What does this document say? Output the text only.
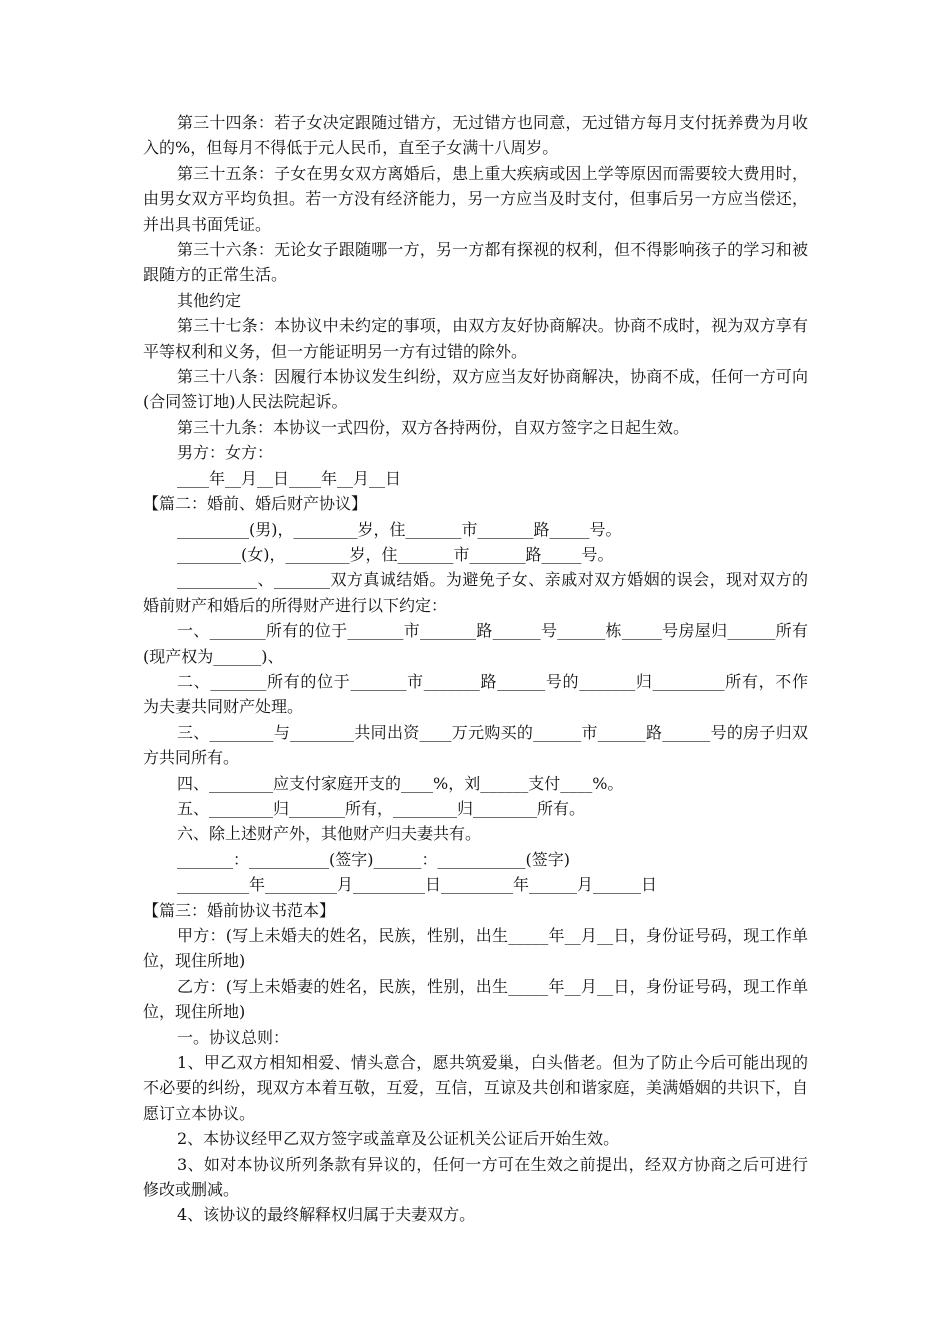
第三十四条：若子女决定跟随过错方，无过错方也同意，无过错方每月支付抚养费为月收入的%，但每月不得低于元人民币，直至子女满十八周岁。

第三十五条：子女在男女双方离婚后，患上重大疾病或因上学等原因而需要较大费用时，由男女双方平均负担。若一方没有经济能力，另一方应当及时支付，但事后另一方应当偿还，并出具书面凭证。

第三十六条：无论女子跟随哪一方，另一方都有探视的权利，但不得影响孩子的学习和被跟随方的正常生活。

其他约定

第三十七条：本协议中未约定的事项，由双方友好协商解决。协商不成时，视为双方享有平等权利和义务，但一方能证明另一方有过错的除外。

第三十八条：因履行本协议发生纠纷，双方应当友好协商解决，协商不成，任何一方可向(合同签订地)人民法院起诉。

第三十九条：本协议一式四份，双方各持两份，自双方签字之日起生效。

男方：女方：

____年__月__日____年__月__日

【篇二：婚前、婚后财产协议】

_________(男)，________岁，住_______市_______路_____号。

________(女)，________岁，住_______市_______路_____号。

__________、_______双方真诚结婚。为避免子女、亲戚对双方婚姻的误会，现对双方的婚前财产和婚后的所得财产进行以下约定：

一、_______所有的位于_______市_______路______号______栋_____号房屋归______所有(现产权为______)、

二、_______所有的位于_______市_______路______号的_______归_________所有，不作为夫妻共同财产处理。

三、________与________共同出资____万元购买的______市______路______号的房子归双方共同所有。

四、________应支付家庭开支的____%，刘______支付____%。

五、________归_______所有，________归________所有。

六、除上述财产外，其他财产归夫妻共有。

_______：__________(签字)______：___________(签字)

_________年_________月_________日_________年______月______日

【篇三：婚前协议书范本】

甲方：(写上未婚夫的姓名，民族，性别，出生_____年__月__日，身份证号码，现工作单位，现住所地)

乙方：(写上未婚妻的姓名，民族，性别，出生_____年__月__日，身份证号码，现工作单位，现住所地)

一。协议总则：

1、甲乙双方相知相爱、情头意合，愿共筑爱巢，白头偕老。但为了防止今后可能出现的不必要的纠纷，现双方本着互敬，互爱，互信，互谅及共创和谐家庭，美满婚姻的共识下，自愿订立本协议。

2、本协议经甲乙双方签字或盖章及公证机关公证后开始生效。

3、如对本协议所列条款有异议的，任何一方可在生效之前提出，经双方协商之后可进行修改或删减。

4、该协议的最终解释权归属于夫妻双方。
